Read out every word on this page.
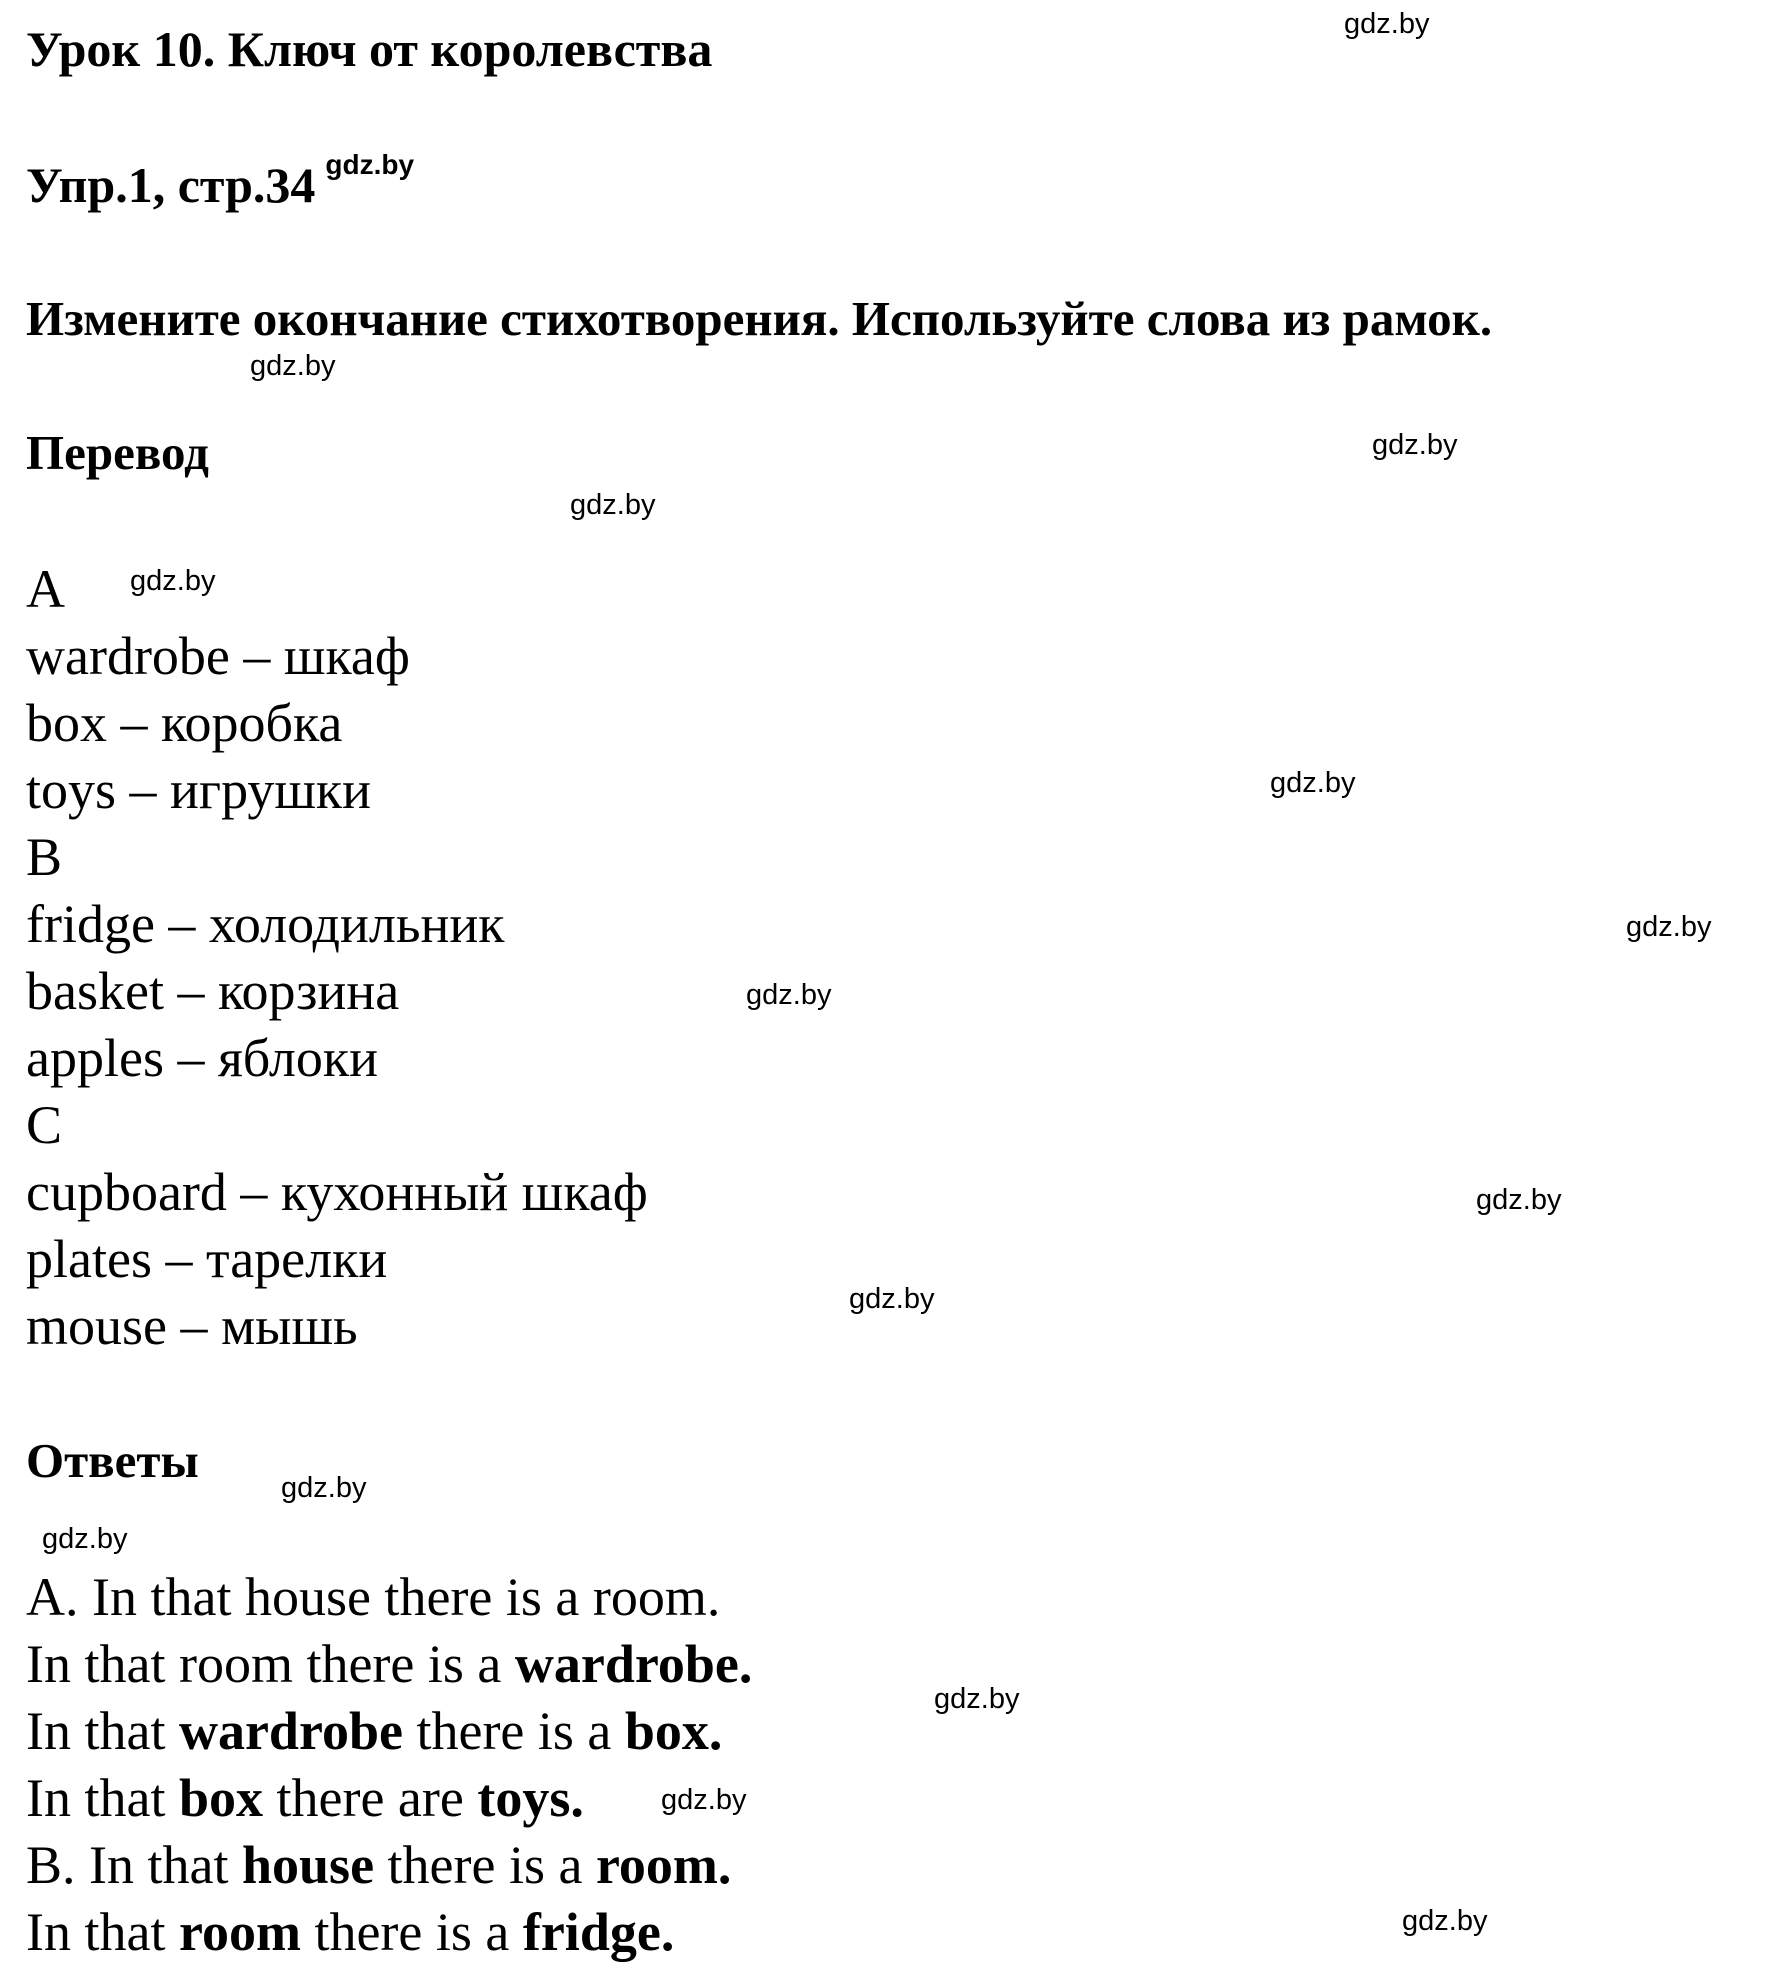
Урок 10. Ключ от королевства
Упр.1, стр.34 $^{gdz.by}$
Измените окончание стихотворения. Используйте слова из рамок.
Перевод
A
wardrobe – шкаф
box – коробка
toys – игрушки
B
fridge – холодильник
basket – корзина
apples – яблоки
C
cupboard – кухонный шкаф
plates – тарелки
mouse – мышь
Ответы
A. In that house there is a room.
In that room there is a wardrobe.
In that wardrobe there is a box.
In that box there are toys.
B. In that house there is a room.
In that room there is a fridge.
gdz.by
gdz.by
gdz.by
gdz.by
gdz.by
gdz.by
gdz.by
gdz.by
gdz.by
gdz.by
gdz.by
gdz.by
gdz.by
gdz.by
gdz.by
